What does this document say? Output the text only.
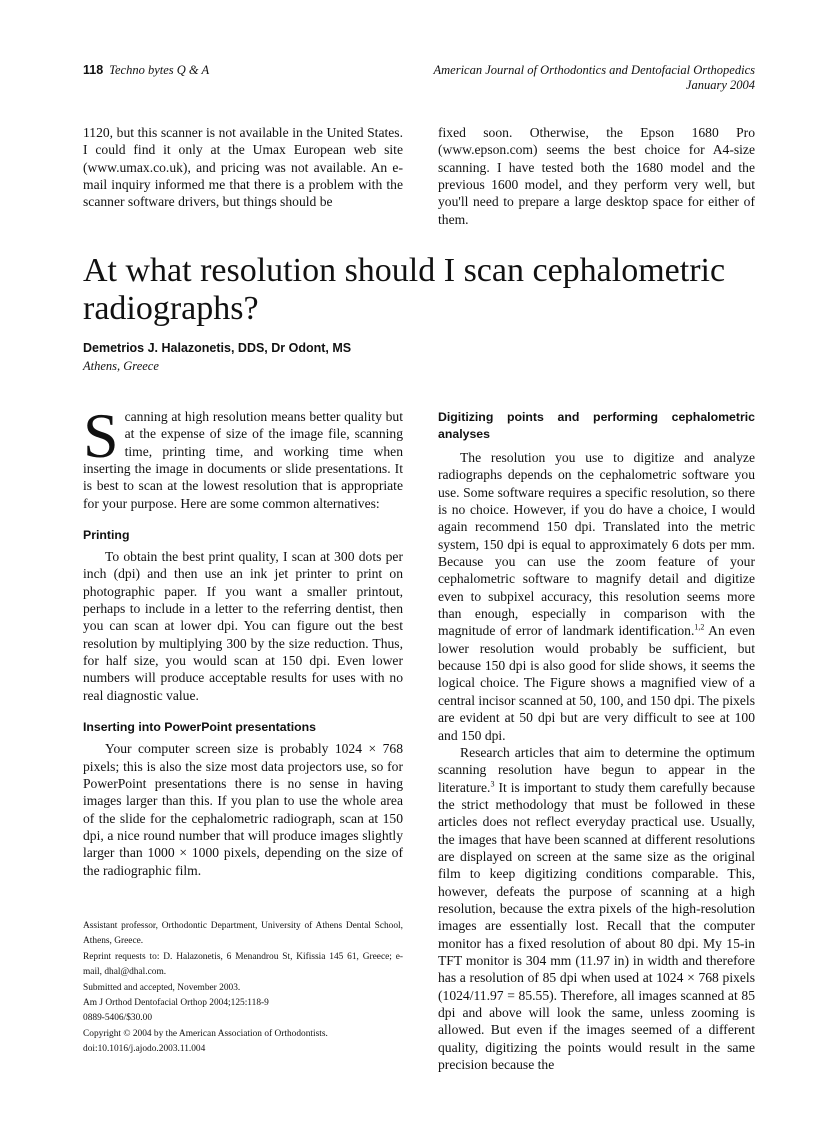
118 Techno bytes Q & A	American Journal of Orthodontics and Dentofacial Orthopedics
January 2004
1120, but this scanner is not available in the United States. I could find it only at the Umax European web site (www.umax.co.uk), and pricing was not available. An e-mail inquiry informed me that there is a problem with the scanner software drivers, but things should be
fixed soon. Otherwise, the Epson 1680 Pro (www.epson.com) seems the best choice for A4-size scanning. I have tested both the 1680 model and the previous 1600 model, and they perform very well, but you'll need to prepare a large desktop space for either of them.
At what resolution should I scan cephalometric radiographs?
Demetrios J. Halazonetis, DDS, Dr Odont, MS
Athens, Greece

Scanning at high resolution means better quality but at the expense of size of the image file, scanning time, printing time, and working time when inserting the image in documents or slide presentations. It is best to scan at the lowest resolution that is appropriate for your purpose. Here are some common alternatives:

Printing

To obtain the best print quality, I scan at 300 dots per inch (dpi) and then use an ink jet printer to print on photographic paper. If you want a smaller printout, perhaps to include in a letter to the referring dentist, then you can scan at lower dpi. You can figure out the best resolution by multiplying 300 by the size reduction. Thus, for half size, you would scan at 150 dpi. Even lower numbers will produce acceptable results for uses with no real diagnostic value.

Inserting into PowerPoint presentations

Your computer screen size is probably 1024 × 768 pixels; this is also the size most data projectors use, so for PowerPoint presentations there is no sense in having images larger than this. If you plan to use the whole area of the slide for the cephalometric radiograph, scan at 150 dpi, a nice round number that will produce images slightly larger than 1000 × 1000 pixels, depending on the size of the radiographic film.

Assistant professor, Orthodontic Department, University of Athens Dental School, Athens, Greece.
Reprint requests to: D. Halazonetis, 6 Menandrou St, Kifissia 145 61, Greece; e-mail, dhal@dhal.com.
Submitted and accepted, November 2003.
Am J Orthod Dentofacial Orthop 2004;125:118-9
0889-5406/$30.00
Copyright © 2004 by the American Association of Orthodontists.
doi:10.1016/j.ajodo.2003.11.004
Digitizing points and performing cephalometric analyses

The resolution you use to digitize and analyze radiographs depends on the cephalometric software you use. Some software requires a specific resolution, so there is no choice. However, if you do have a choice, I would again recommend 150 dpi. Translated into the metric system, 150 dpi is equal to approximately 6 dots per mm. Because you can use the zoom feature of your cephalometric software to magnify detail and digitize even to subpixel accuracy, this resolution seems more than enough, especially in comparison with the magnitude of error of landmark identification.$^{1,2}$ An even lower resolution would probably be sufficient, but because 150 dpi is also good for slide shows, it seems the logical choice. The Figure shows a magnified view of a central incisor scanned at 50, 100, and 150 dpi. The pixels are evident at 50 dpi but are very difficult to see at 100 and 150 dpi.

Research articles that aim to determine the optimum scanning resolution have begun to appear in the literature.$^3$ It is important to study them carefully because the strict methodology that must be followed in these articles does not reflect everyday practical use. Usually, the images that have been scanned at different resolutions are displayed on screen at the same size as the original film to keep digitizing conditions comparable. This, however, defeats the purpose of scanning at a high resolution, because the extra pixels of the high-resolution images are essentially lost. Recall that the computer monitor has a fixed resolution of about 80 dpi. My 15-in TFT monitor is 304 mm (11.97 in) in width and therefore has a resolution of 85 dpi when used at 1024 × 768 pixels (1024/11.97 = 85.55). Therefore, all images scanned at 85 dpi and above will look the same, unless zooming is allowed. But even if the images seemed of a different quality, digitizing the points would result in the same precision because the
